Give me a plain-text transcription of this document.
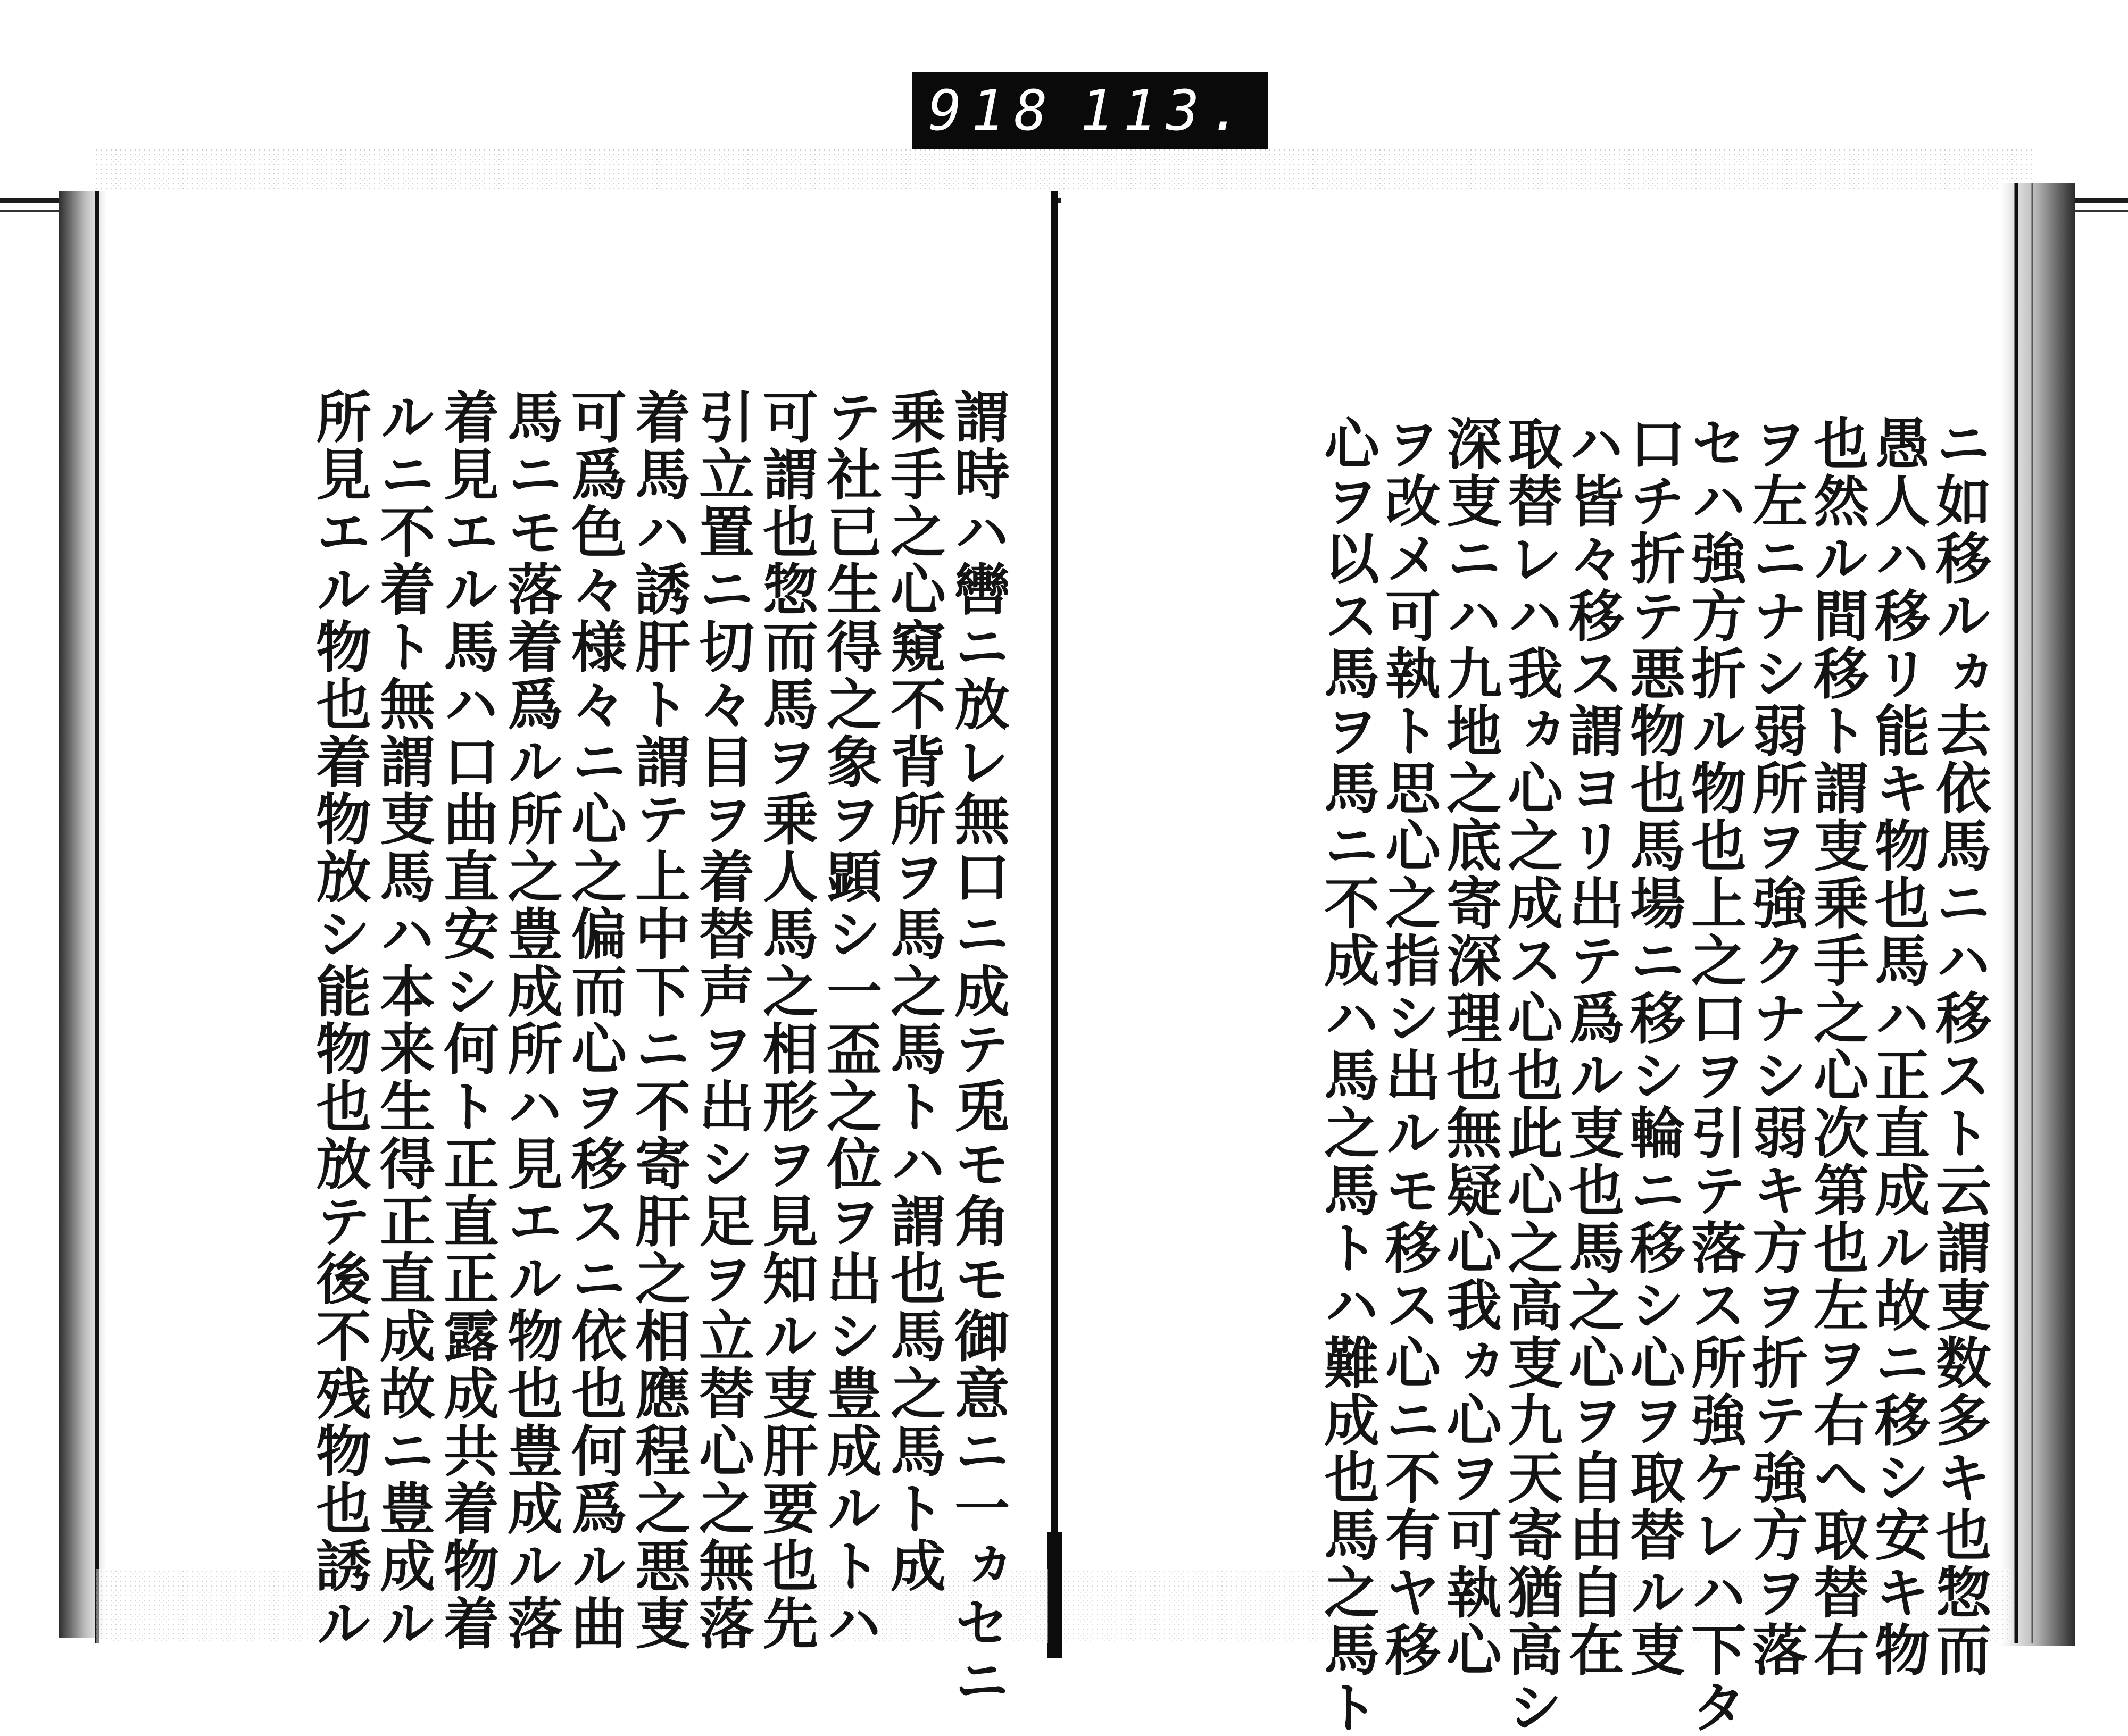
918 113.
ニ如移ルヵ去依馬ニハ移スト云謂叓数多キ也惣而
愚人ハ移リ能キ物也馬ハ正直成ル故ニ移シ安キ物
也然ル間移ト謂叓乗手之心次第也左ヲ右へ取替右
ヲ左ニナシ弱所ヲ強クナシ弱キ方ヲ折テ強方ヲ落
セハ強方折ル物也上之口ヲ引テ落ス所強ケレハ下タ
口チ折テ悪物也馬場ニ移シ輪ニ移シ心ヲ取替ル叓
ハ皆々移ス謂ヨリ出テ爲ル叓也馬之心ヲ自由自在
取替レハ我ヵ心之成ス心也此心之高叓九天寄猶高シ
深叓ニハ九地之底寄深理也無疑心我ヵ心ヲ可執心
ヲ改メ可執ト思心之指シ出ルモ移ス心ニ不有ヤ移
心ヲ以ス馬ヲ馬ニ不成ハ馬之馬トハ難成也馬之馬ト
謂時ハ轡ニ放レ無口ニ成テ兎モ角モ御意ニ一ヵセニ
乗手之心窺不背所ヲ馬之馬トハ謂也馬之馬ト成
テ社已生得之象ヲ顕シ一盃之位ヲ出シ豊成ルトハ
可謂也惣而馬ヲ乗人馬之相形ヲ見知ル叓肝要也先
引立置ニ切々目ヲ着替声ヲ出シ足ヲ立替心之無落
着馬ハ誘肝ト謂テ上中下ニ不寄肝之相應程之悪叓
可爲色々様々ニ心之偏而心ヲ移スニ依也何爲ル曲
馬ニモ落着爲ル所之豊成所ハ見エル物也豊成ル落
着見エル馬ハ口曲直安シ何ト正直正露成共着物着
ルニ不着ト無謂叓馬ハ本来生得正直成故ニ豊成ル
所見エル物也着物放シ能物也放テ後不残物也誘ル
